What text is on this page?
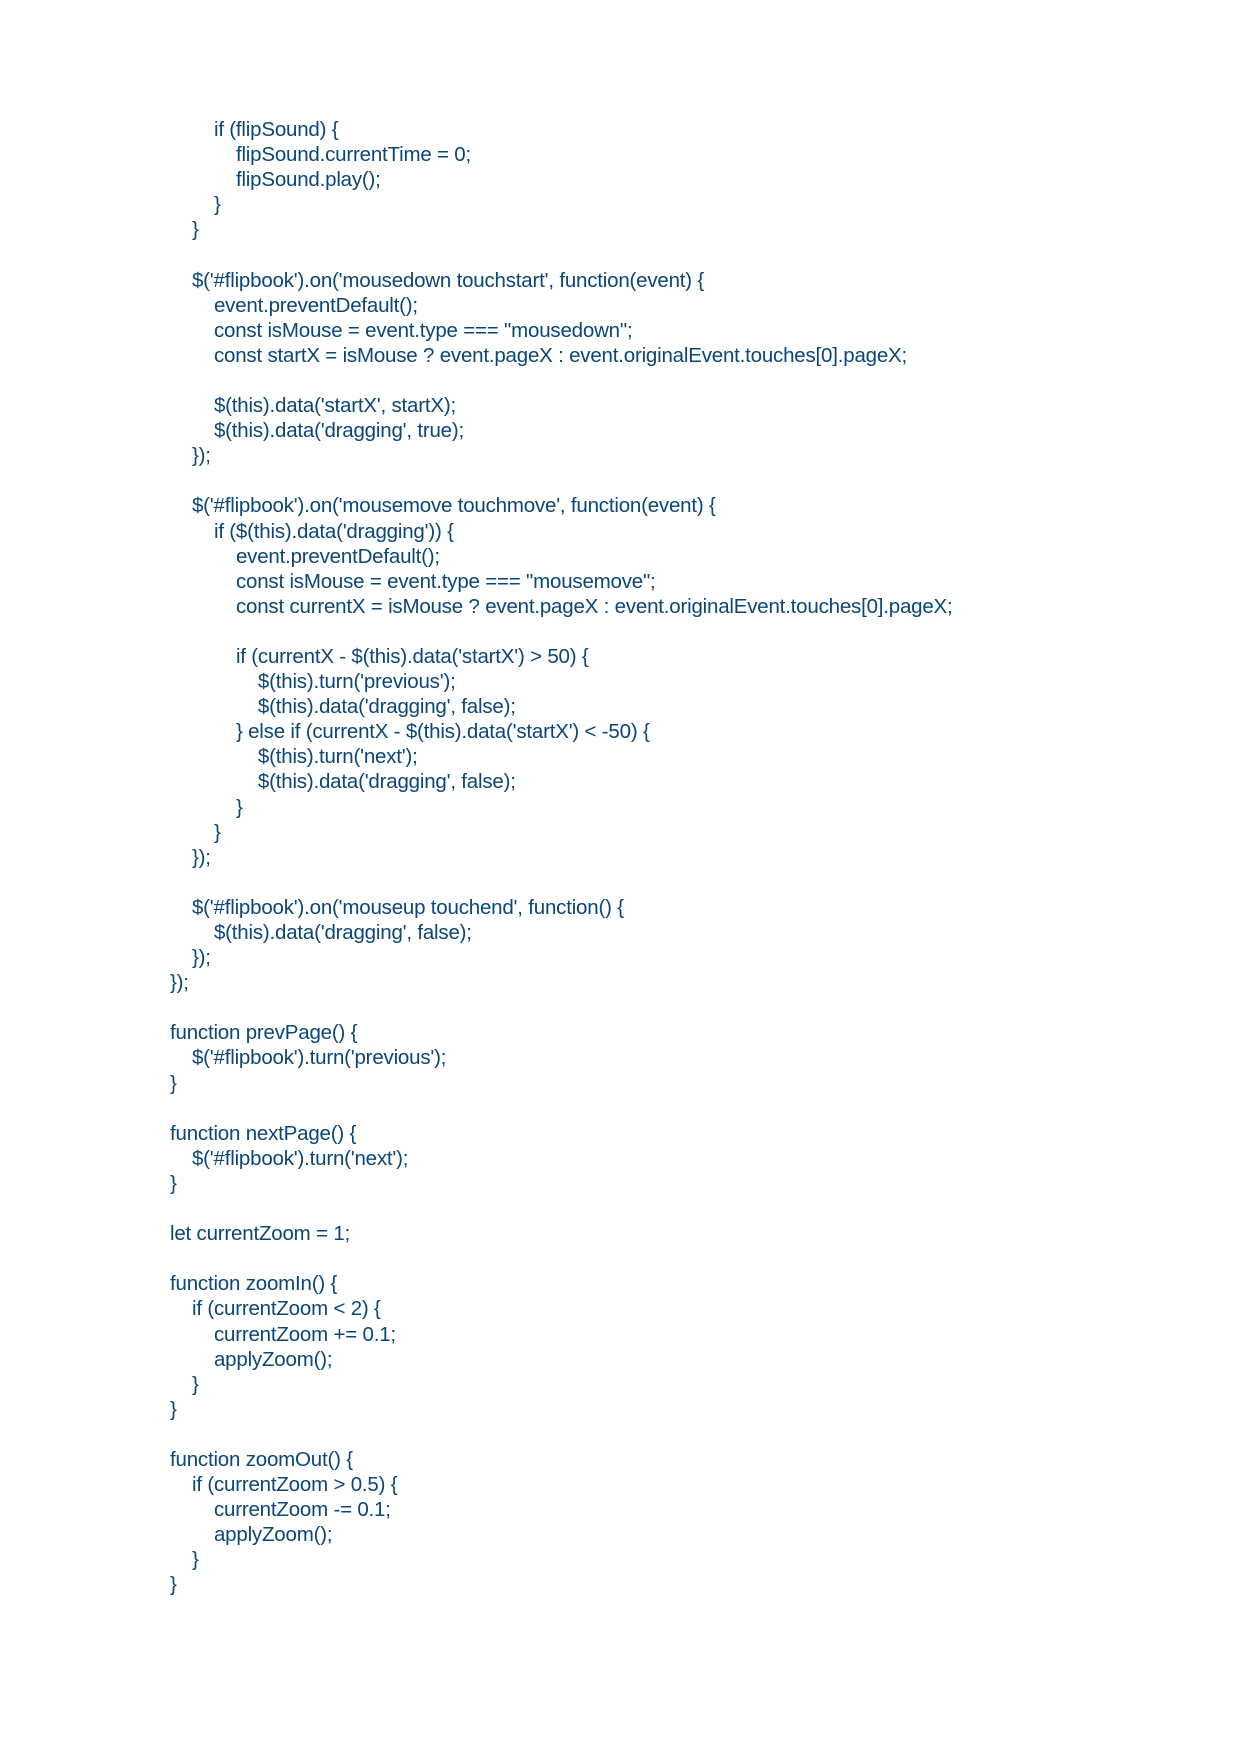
if (flipSound) {
flipSound.currentTime = 0;
flipSound.play();
}
}
$('#flipbook').on('mousedown touchstart', function(event) {
event.preventDefault();
const isMouse = event.type === "mousedown";
const startX = isMouse ? event.pageX : event.originalEvent.touches[0].pageX;
$(this).data('startX', startX);
$(this).data('dragging', true);
});
$('#flipbook').on('mousemove touchmove', function(event) {
if ($(this).data('dragging')) {
event.preventDefault();
const isMouse = event.type === "mousemove";
const currentX = isMouse ? event.pageX : event.originalEvent.touches[0].pageX;
if (currentX - $(this).data('startX') > 50) {
$(this).turn('previous');
$(this).data('dragging', false);
} else if (currentX - $(this).data('startX') < -50) {
$(this).turn('next');
$(this).data('dragging', false);
}
}
});
$('#flipbook').on('mouseup touchend', function() {
$(this).data('dragging', false);
});
});
function prevPage() {
$('#flipbook').turn('previous');
}
function nextPage() {
$('#flipbook').turn('next');
}
let currentZoom = 1;
function zoomIn() {
if (currentZoom < 2) {
currentZoom += 0.1;
applyZoom();
}
}
function zoomOut() {
if (currentZoom > 0.5) {
currentZoom -= 0.1;
applyZoom();
}
}
